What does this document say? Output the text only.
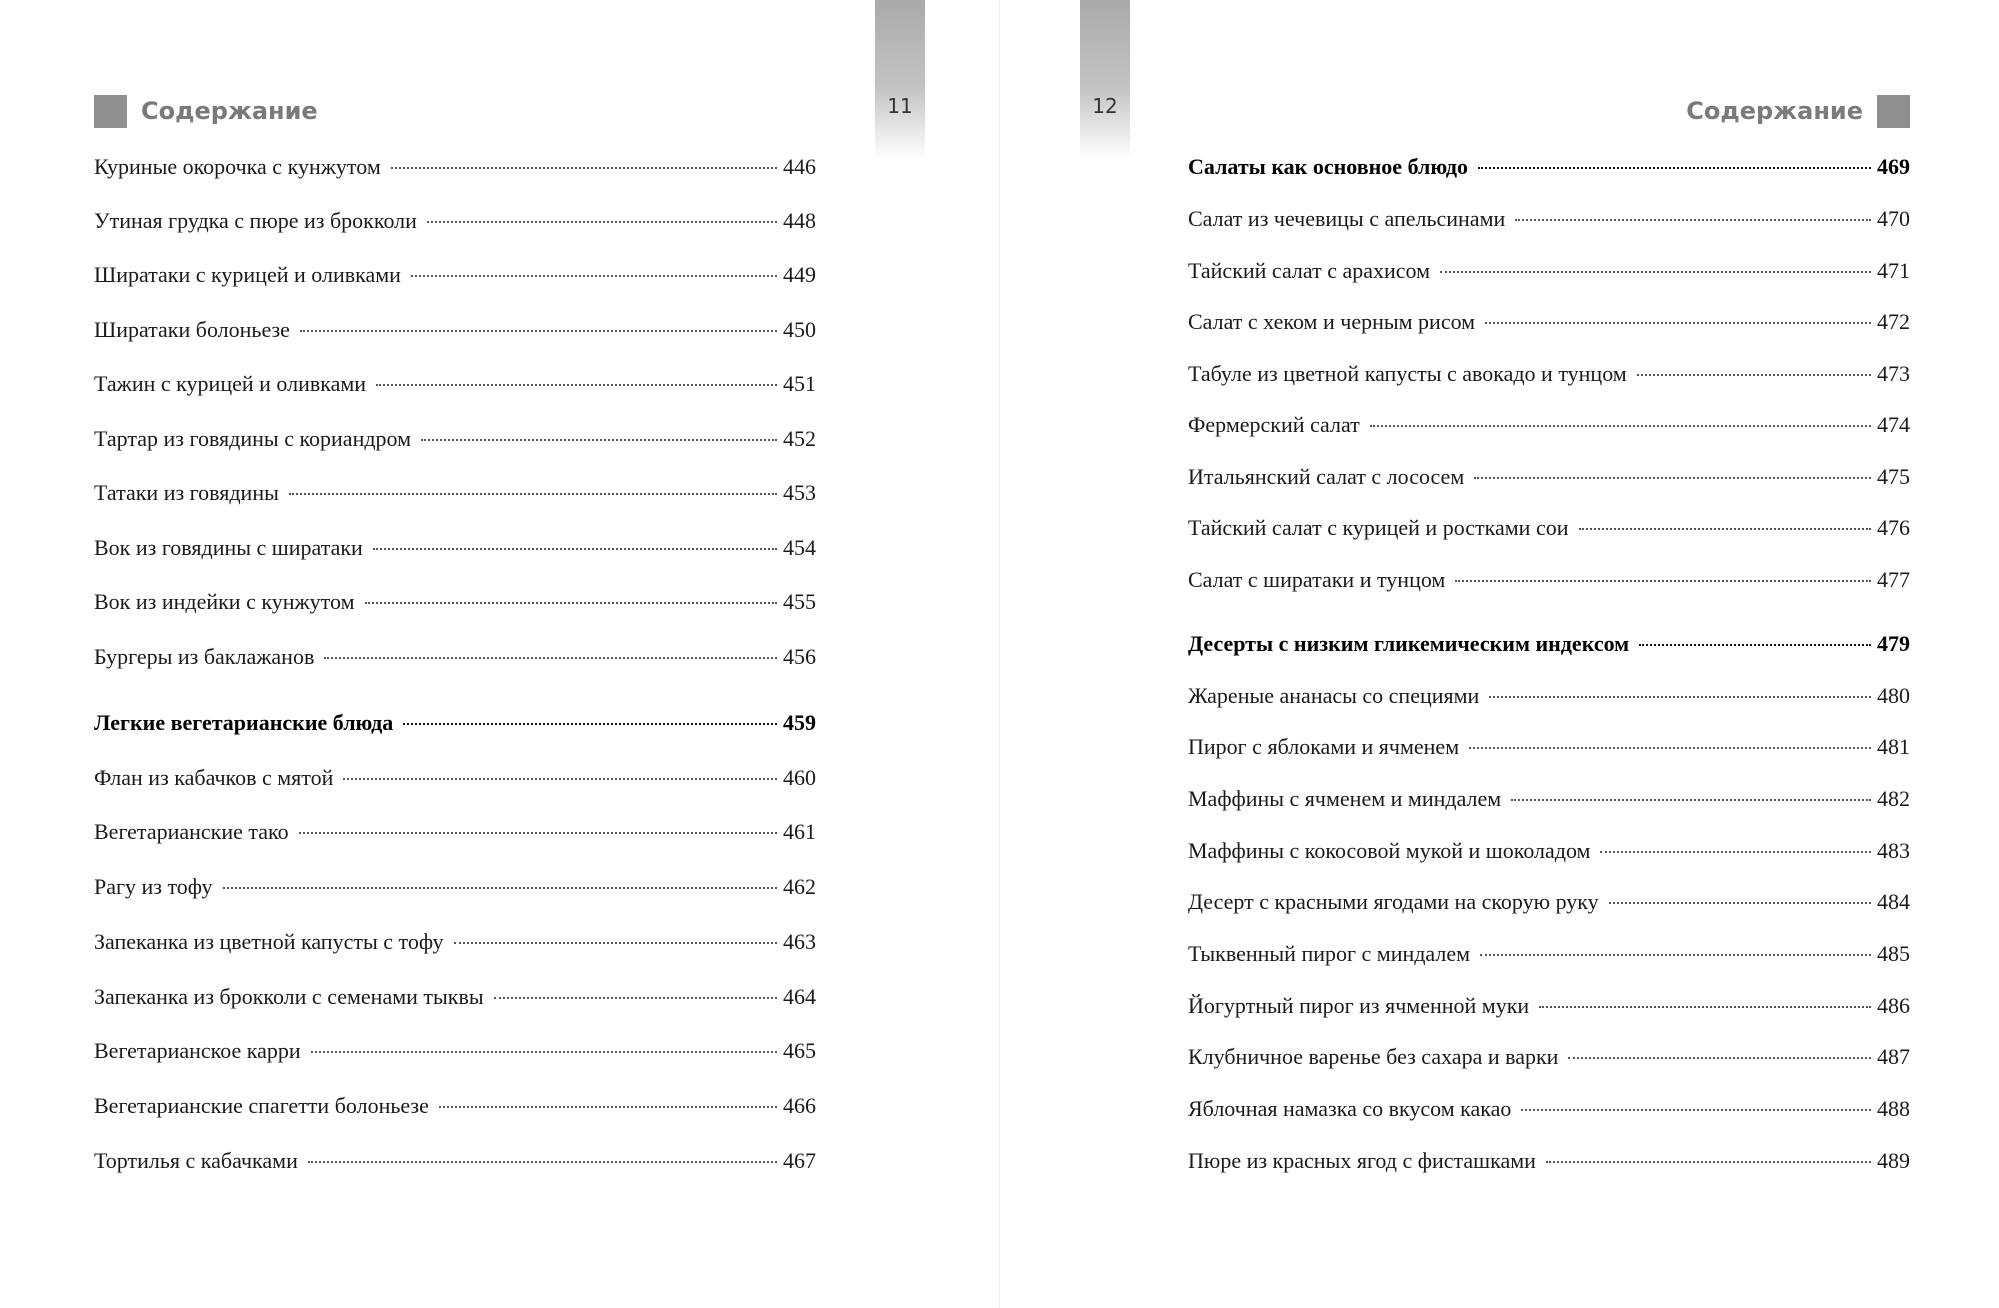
11
Содержание
Куриные окорочка с кунжутом	446
Утиная грудка с пюре из брокколи	448
Ширатаки с курицей и оливками	449
Ширатаки болоньезе	450
Тажин с курицей и оливками	451
Тартар из говядины с кориандром	452
Татаки из говядины	453
Вок из говядины с ширатаки	454
Вок из индейки с кунжутом	455
Бургеры из баклажанов	456
Легкие вегетарианские блюда	459
Флан из кабачков с мятой	460
Вегетарианские тако	461
Рагу из тофу	462
Запеканка из цветной капусты с тофу	463
Запеканка из брокколи с семенами тыквы	464
Вегетарианское карри	465
Вегетарианские спагетти болоньезе	466
Тортилья с кабачками	467
12	Содержание
Салаты как основное блюдо	469
Салат из чечевицы с апельсинами	470
Тайский салат с арахисом	471
Салат с хеком и черным рисом	472
Табуле из цветной капусты с авокадо и тунцом	473
Фермерский салат	474
Итальянский салат с лососем	475
Тайский салат с курицей и ростками сои	476
Салат с ширатаки и тунцом	477
Десерты с низким гликемическим индексом	479
Жареные ананасы со специями	480
Пирог с яблоками и ячменем	481
Маффины с ячменем и миндалем	482
Маффины с кокосовой мукой и шоколадом	483
Десерт с красными ягодами на скорую руку	484
Тыквенный пирог с миндалем	485
Йогуртный пирог из ячменной муки	486
Клубничное варенье без сахара и варки	487
Яблочная намазка со вкусом какао	488
Пюре из красных ягод с фисташками	489
